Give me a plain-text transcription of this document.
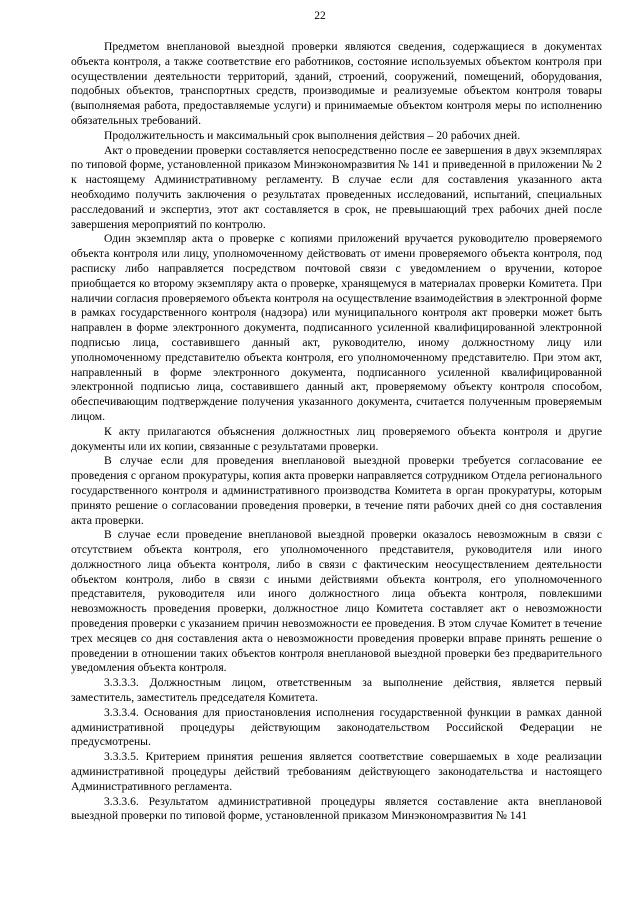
22

Предметом внеплановой выездной проверки являются сведения, содержащиеся в документах объекта контроля, а также соответствие его работников, состояние используемых объектом контроля при осуществлении деятельности территорий, зданий, строений, сооружений, помещений, оборудования, подобных объектов, транспортных средств, производимые и реализуемые объектом контроля товары (выполняемая работа, предоставляемые услуги) и принимаемые объектом контроля меры по исполнению обязательных требований.

Продолжительность и максимальный срок выполнения действия – 20 рабочих дней.

Акт о проведении проверки составляется непосредственно после ее завершения в двух экземплярах по типовой форме, установленной приказом Минэкономразвития № 141 и приведенной в приложении № 2 к настоящему Административному регламенту. В случае если для составления указанного акта необходимо получить заключения о результатах проведенных исследований, испытаний, специальных расследований и экспертиз, этот акт составляется в срок, не превышающий трех рабочих дней после завершения мероприятий по контролю.

Один экземпляр акта о проверке с копиями приложений вручается руководителю проверяемого объекта контроля или лицу, уполномоченному действовать от имени проверяемого объекта контроля, под расписку либо направляется посредством почтовой связи с уведомлением о вручении, которое приобщается ко второму экземпляру акта о проверке, хранящемуся в материалах проверки Комитета. При наличии согласия проверяемого объекта контроля на осуществление взаимодействия в электронной форме в рамках государственного контроля (надзора) или муниципального контроля акт проверки может быть направлен в форме электронного документа, подписанного усиленной квалифицированной электронной подписью лица, составившего данный акт, руководителю, иному должностному лицу или уполномоченному представителю объекта контроля, его уполномоченному представителю. При этом акт, направленный в форме электронного документа, подписанного усиленной квалифицированной электронной подписью лица, составившего данный акт, проверяемому объекту контроля способом, обеспечивающим подтверждение получения указанного документа, считается полученным проверяемым лицом.

К акту прилагаются объяснения должностных лиц проверяемого объекта контроля и другие документы или их копии, связанные с результатами проверки.

В случае если для проведения внеплановой выездной проверки требуется согласование ее проведения с органом прокуратуры, копия акта проверки направляется сотрудником Отдела регионального государственного контроля и административного производства Комитета в орган прокуратуры, которым принято решение о согласовании проведения проверки, в течение пяти рабочих дней со дня составления акта проверки.

В случае если проведение внеплановой выездной проверки оказалось невозможным в связи с отсутствием объекта контроля, его уполномоченного представителя, руководителя или иного должностного лица объекта контроля, либо в связи с фактическим неосуществлением деятельности объектом контроля, либо в связи с иными действиями объекта контроля, его уполномоченного представителя, руководителя или иного должностного лица объекта контроля, повлекшими невозможность проведения проверки, должностное лицо Комитета составляет акт о невозможности проведения проверки с указанием причин невозможности ее проведения. В этом случае Комитет в течение трех месяцев со дня составления акта о невозможности проведения проверки вправе принять решение о проведении в отношении таких объектов контроля внеплановой выездной проверки без предварительного уведомления объекта контроля.

3.3.3.3. Должностным лицом, ответственным за выполнение действия, является первый заместитель, заместитель председателя Комитета.

3.3.3.4. Основания для приостановления исполнения государственной функции в рамках данной административной процедуры действующим законодательством Российской Федерации не предусмотрены.

3.3.3.5. Критерием принятия решения является соответствие совершаемых в ходе реализации административной процедуры действий требованиям действующего законодательства и настоящего Административного регламента.

3.3.3.6. Результатом административной процедуры является составление акта внеплановой выездной проверки по типовой форме, установленной приказом Минэкономразвития № 141
